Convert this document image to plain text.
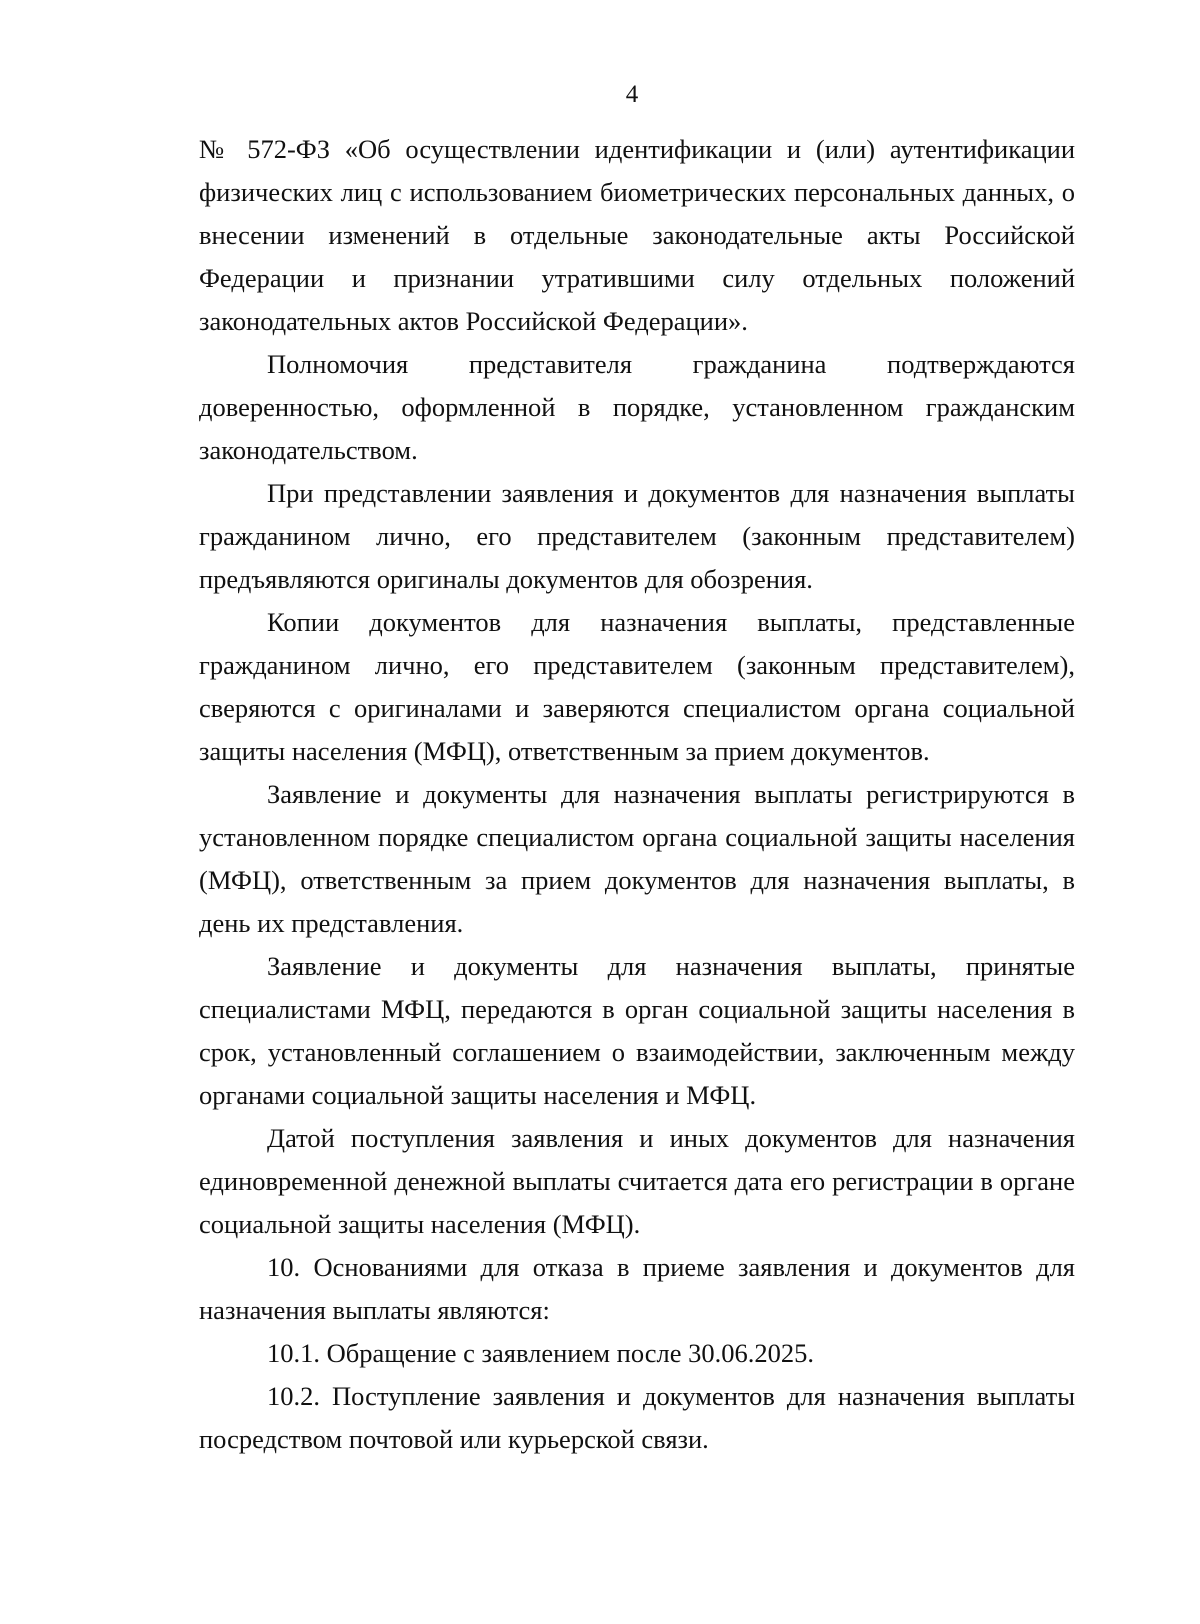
4

№ 572-ФЗ «Об осуществлении идентификации и (или) аутентификации физических лиц с использованием биометрических персональных данных, о внесении изменений в отдельные законодательные акты Российской Федерации и признании утратившими силу отдельных положений законодательных актов Российской Федерации».

Полномочия представителя гражданина подтверждаются доверенностью, оформленной в порядке, установленном гражданским законодательством.

При представлении заявления и документов для назначения выплаты гражданином лично, его представителем (законным представителем) предъявляются оригиналы документов для обозрения.

Копии документов для назначения выплаты, представленные гражданином лично, его представителем (законным представителем), сверяются с оригиналами и заверяются специалистом органа социальной защиты населения (МФЦ), ответственным за прием документов.

Заявление и документы для назначения выплаты регистрируются в установленном порядке специалистом органа социальной защиты населения (МФЦ), ответственным за прием документов для назначения выплаты, в день их представления.

Заявление и документы для назначения выплаты, принятые специалистами МФЦ, передаются в орган социальной защиты населения в срок, установленный соглашением о взаимодействии, заключенным между органами социальной защиты населения и МФЦ.

Датой поступления заявления и иных документов для назначения единовременной денежной выплаты считается дата его регистрации в органе социальной защиты населения (МФЦ).

10. Основаниями для отказа в приеме заявления и документов для назначения выплаты являются:

10.1. Обращение с заявлением после 30.06.2025.

10.2. Поступление заявления и документов для назначения выплаты посредством почтовой или курьерской связи.
